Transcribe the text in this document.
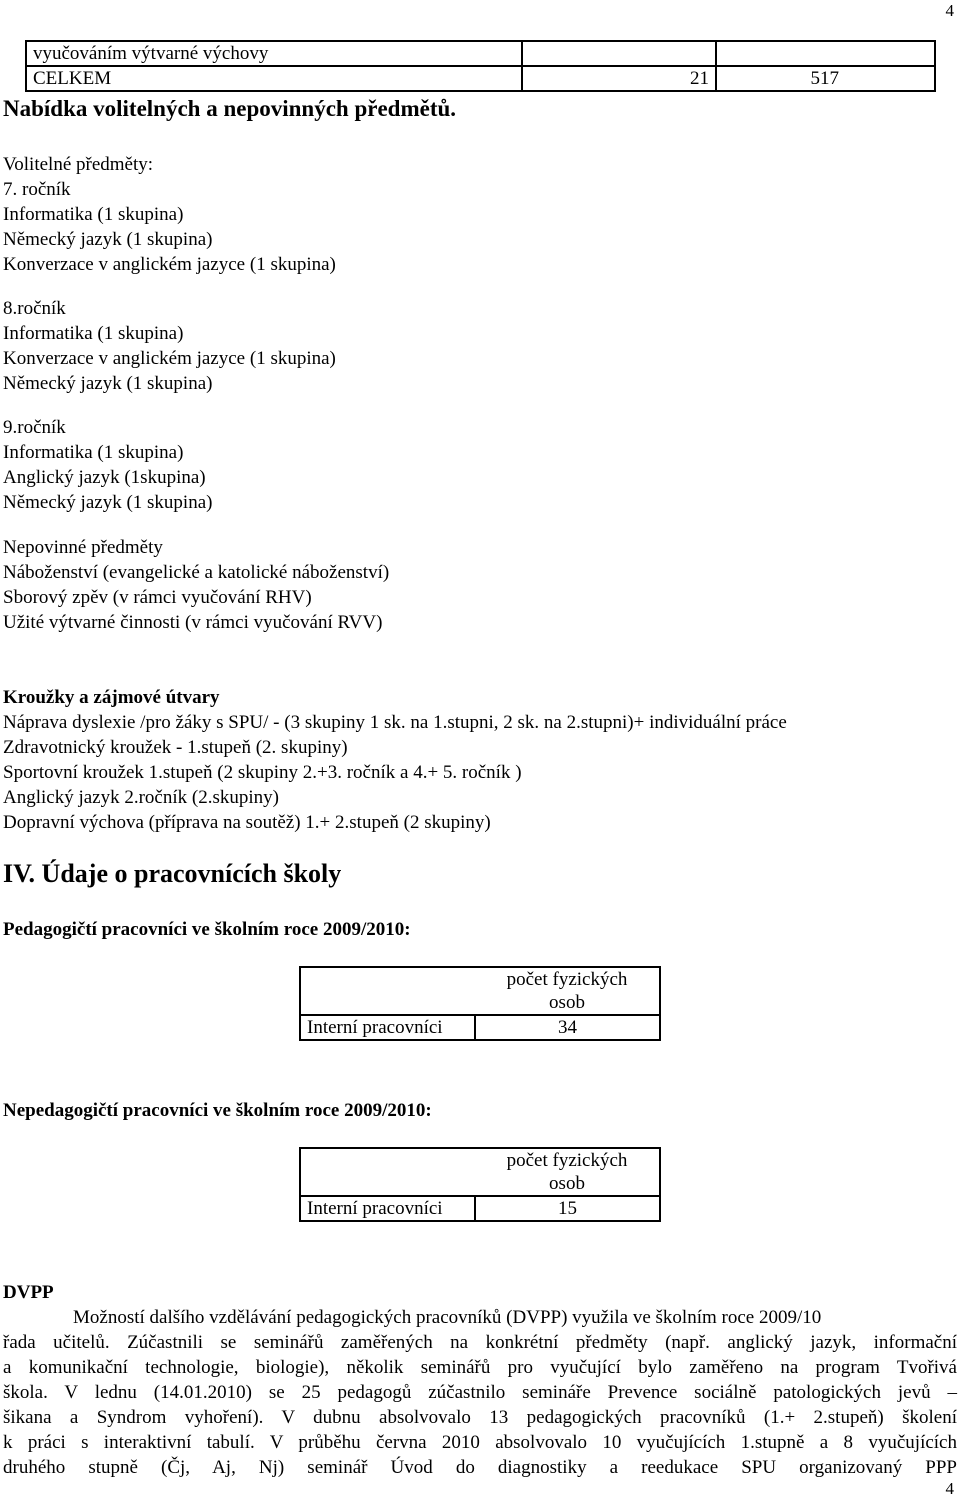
4
4
vyučováním výtvarné výchovy		
CELKEM	21	517
Nabídka volitelných a nepovinných předmětů.
Volitelné předměty:
7. ročník
Informatika (1 skupina)
Německý jazyk (1 skupina)
Konverzace v anglickém jazyce (1 skupina)
8.ročník
Informatika (1 skupina)
Konverzace v anglickém jazyce (1 skupina)
Německý jazyk (1 skupina)
9.ročník
Informatika (1 skupina)
Anglický jazyk (1skupina)
Německý jazyk (1 skupina)
Nepovinné předměty
Náboženství (evangelické a katolické náboženství)
Sborový zpěv (v rámci vyučování RHV)
Užité výtvarné činnosti (v rámci vyučování RVV)
Kroužky a zájmové útvary
Náprava dyslexie /pro žáky s SPU/ - (3 skupiny 1 sk. na 1.stupni, 2 sk. na 2.stupni)+ individuální práce
Zdravotnický kroužek - 1.stupeň (2. skupiny)
Sportovní kroužek 1.stupeň (2 skupiny 2.+3. ročník a 4.+ 5. ročník )
Anglický jazyk 2.ročník (2.skupiny)
Dopravní výchova (příprava na soutěž) 1.+ 2.stupeň (2 skupiny)
IV. Údaje o pracovnících školy
Pedagogičtí pracovníci ve školním roce 2009/2010:

	počet fyzických
osob

Interní pracovníci	34
Nepedagogičtí pracovníci ve školním roce 2009/2010:

	počet fyzických
osob

Interní pracovníci	15
DVPP
Možností dalšího vzdělávání pedagogických pracovníků (DVPP) využila ve školním roce 2009/10
řada učitelů. Zúčastnili se seminářů zaměřených na konkrétní předměty (např. anglický jazyk, informační
a komunikační technologie, biologie), několik seminářů pro vyučující bylo zaměřeno na program Tvořivá
škola. V lednu (14.01.2010) se 25 pedagogů zúčastnilo semináře Prevence sociálně patologických jevů –
šikana a Syndrom vyhoření). V dubnu absolvovalo 13 pedagogických pracovníků (1.+ 2.stupeň) školení
k práci s interaktivní tabulí. V průběhu června 2010 absolvovalo 10 vyučujících 1.stupně a 8 vyučujících
druhého stupně (Čj, Aj, Nj) seminář Úvod do diagnostiky a reedukace SPU organizovaný PPP
